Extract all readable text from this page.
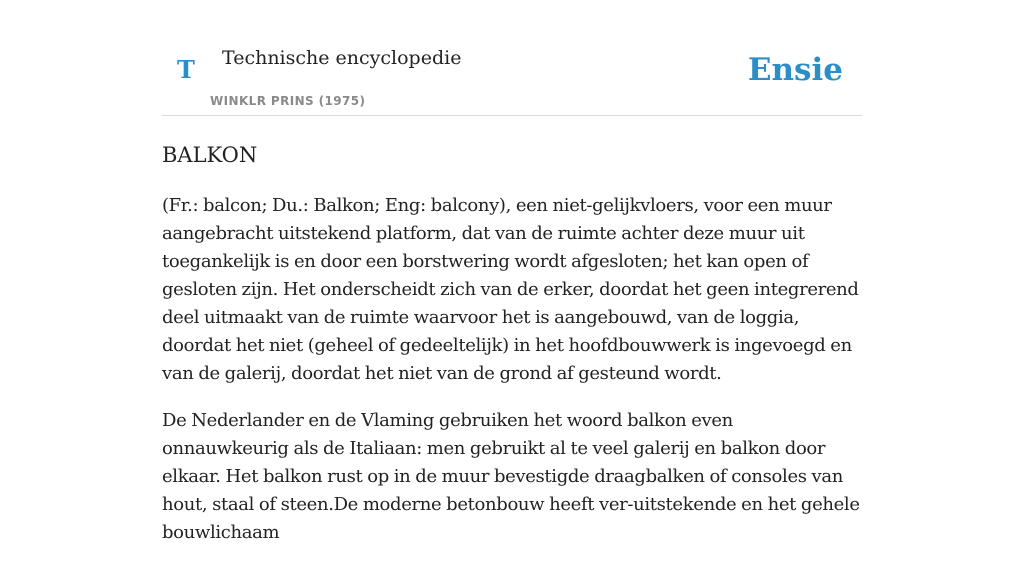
T Technische encyclopedie
WINKLR PRINS (1975)
Ensie
BALKON

(Fr.: balcon; Du.: Balkon; Eng: balcony), een niet-gelijkvloers, voor een muur aangebracht uitstekend platform, dat van de ruimte achter deze muur uit toegankelijk is en door een borstwering wordt afgesloten; het kan open of gesloten zijn. Het onderscheidt zich van de erker, doordat het geen integrerend deel uitmaakt van de ruimte waarvoor het is aangebouwd, van de loggia, doordat het niet (geheel of gedeeltelijk) in het hoofdbouwwerk is ingevoegd en van de galerij, doordat het niet van de grond af gesteund wordt.

De Nederlander en de Vlaming gebruiken het woord balkon even onnauwkeurig als de Italiaan: men gebruikt al te veel galerij en balkon door elkaar. Het balkon rust op in de muur bevestigde draagbalken of consoles van hout, staal of steen.De moderne betonbouw heeft ver-uitstekende en het gehele bouwlichaam
